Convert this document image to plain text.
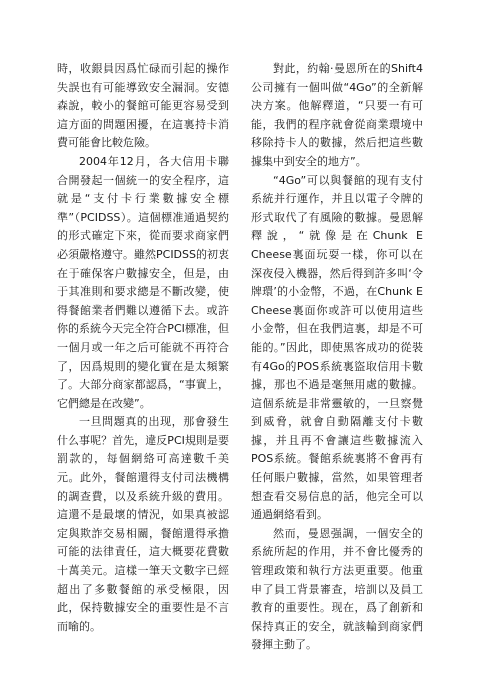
時，收銀員因爲忙碌而引起的操作失誤也有可能導致安全漏洞。安德森說，較小的餐館可能更容易受到這方面的問題困擾，在這裏持卡消費可能會比較危險。

2004年12月，各大信用卡聯合開發起一個統一的安全程序，這就是“支付卡行業數據安全標準”（PCIDSS）。這個標准通過契約的形式確定下來，從而要求商家們必須嚴格遵守。雖然PCIDSS的初衷在于確保客户數據安全，但是，由于其准則和要求總是不斷改變，使得餐館業者們難以遵循下去。或許你的系統今天完全符合PCI標准，但一個月或一年之后可能就不再符合了，因爲規則的變化實在是太頻繁了。大部分商家都認爲，“事實上，它們總是在改變”。

一旦問題真的出现，那會發生什么事呢？首先，違反PCI規則是要罰款的，每個網絡可高達數千美元。此外，餐館還得支付司法機構的調查費，以及系統升級的費用。這還不是最壞的情況，如果真被認定與欺詐交易相關，餐館還得承擔可能的法律責任，這大概要花費數十萬美元。這樣一筆天文數字已經超出了多數餐館的承受極限，因此，保持數據安全的重要性是不言而喻的。

對此，約翰·曼恩所在的Shift4公司擁有一個叫做“4Go”的全新解决方案。他解釋道，“只要一有可能，我們的程序就會從商業環境中移除持卡人的數據，然后把這些數據集中到安全的地方”。

“4Go”可以與餐館的现有支付系統并行運作，并且以電子令牌的形式取代了有風險的數據。曼恩解釋說，“就像是在Chunk E Cheese裏面玩耍一樣，你可以在深夜侵入機器，然后得到許多叫‘令牌環’的小金幣，不過，在Chunk E Cheese裏面你或許可以使用這些小金幣，但在我們這裏，却是不可能的。”因此，即使黑客成功的從裝有4Go的POS系統裏盜取信用卡數據，那也不過是毫無用處的數據。這個系統是非常靈敏的，一旦察覺到威脅，就會自動隔離支付卡數據，并且再不會讓這些數據流入POS系統。餐館系統裏將不會再有任何賬户數據，當然，如果管理者想查看交易信息的話，他完全可以通過網絡看到。

然而，曼恩强調，一個安全的系統所起的作用，并不會比優秀的管理政策和執行方法更重要。他重申了員工背景審查，培訓以及員工教育的重要性。现在，爲了創新和保持真正的安全，就該輪到商家們發揮主動了。
